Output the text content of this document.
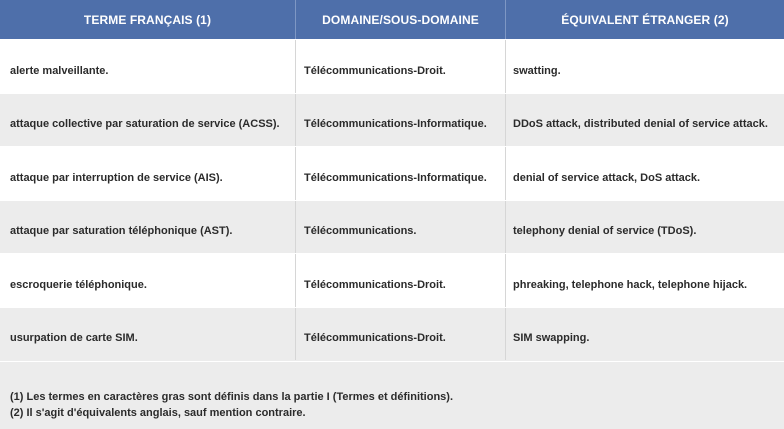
TERME FRANÇAIS (1)	DOMAINE/SOUS-DOMAINE	ÉQUIVALENT ÉTRANGER (2)
alerte malveillante.	Télécommunications-Droit.	swatting.
attaque collective par saturation de service (ACSS).	Télécommunications-Informatique.	DDoS attack, distributed denial of service attack.
attaque par interruption de service (AIS).	Télécommunications-Informatique.	denial of service attack, DoS attack.
attaque par saturation téléphonique (AST).	Télécommunications.	telephony denial of service (TDoS).
escroquerie téléphonique.	Télécommunications-Droit.	phreaking, telephone hack, telephone hijack.
usurpation de carte SIM.	Télécommunications-Droit.	SIM swapping.
(1) Les termes en caractères gras sont définis dans la partie I (Termes et définitions).
(2) Il s'agit d'équivalents anglais, sauf mention contraire.
